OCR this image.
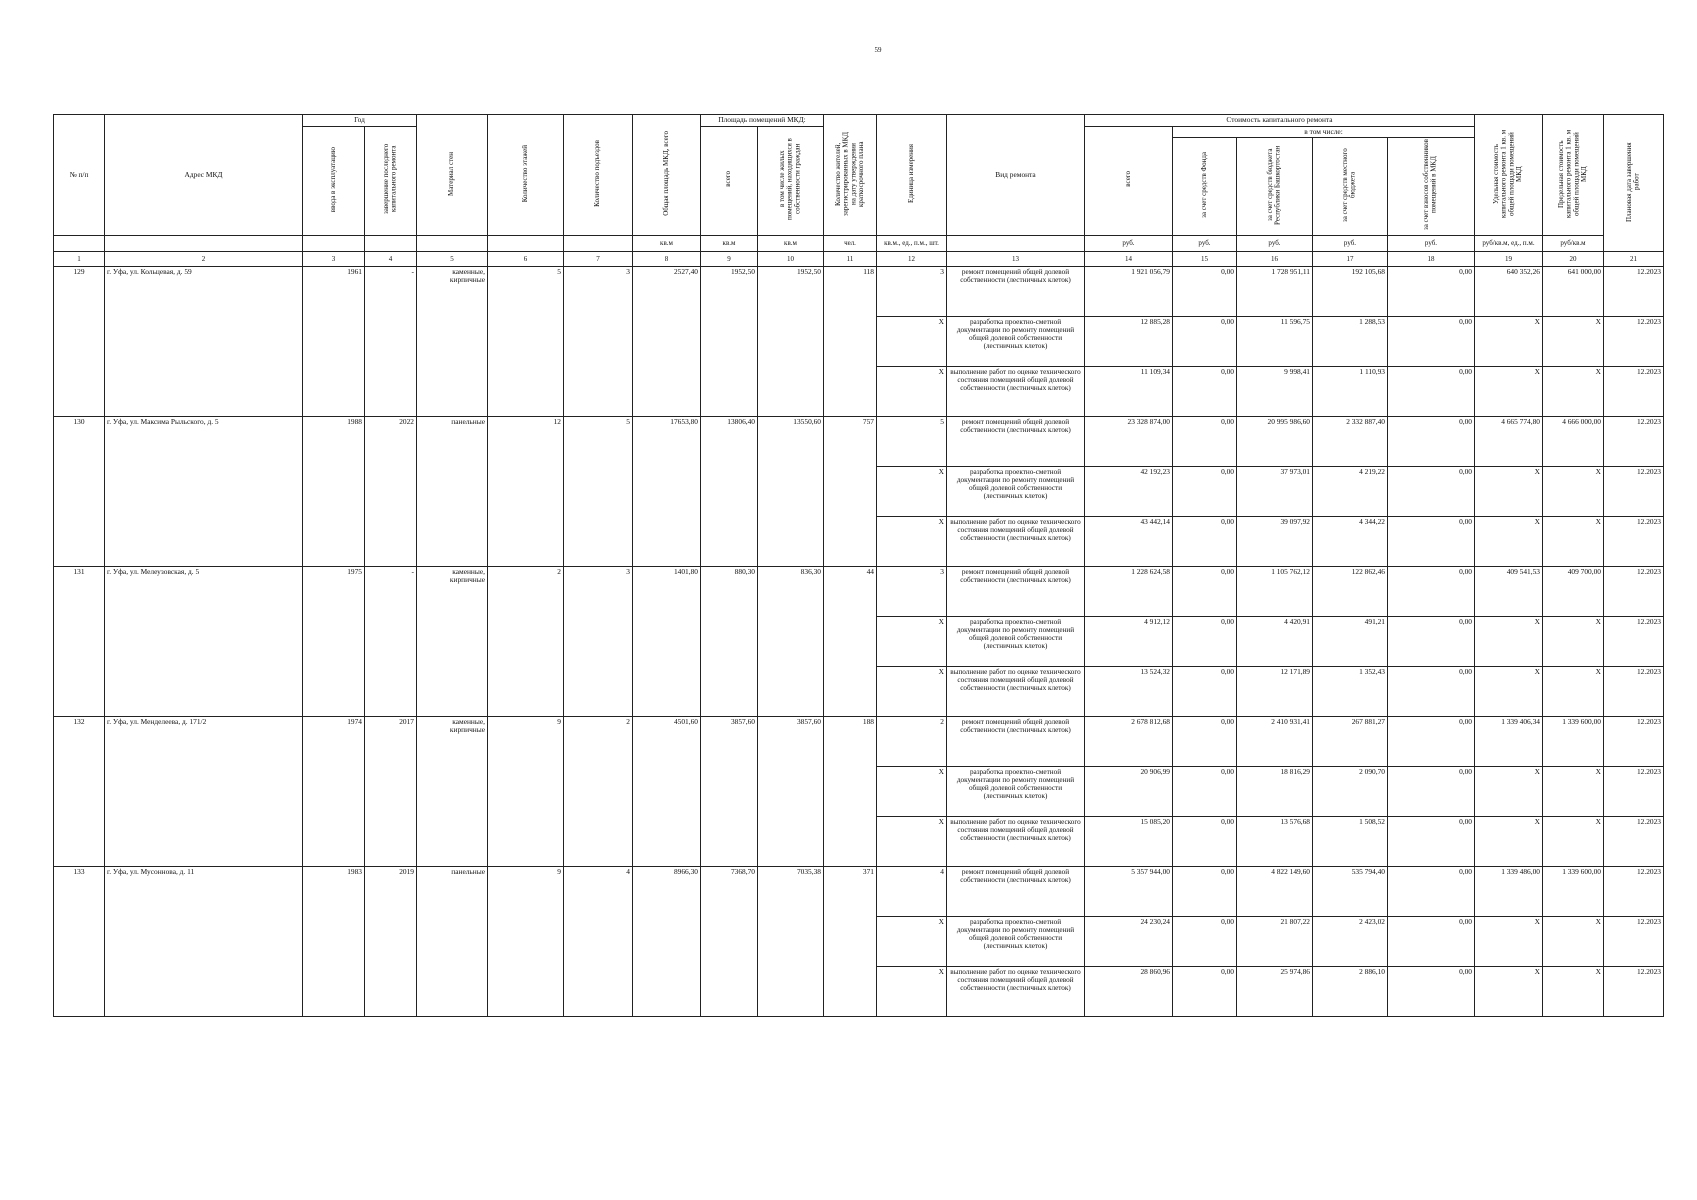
59
№ п/п	Адрес МКД	Год		Материал стен	Количество этажей	Количество подъездов	Общая площадь МКД, всего	Площадь помещений МКД:		Количество жителей, зарегистрированных в МКД на дату утверждения краткосрочного плана	Единица измерения	Вид ремонта	Стоимость капитального ремонта					Удельная стоимость капитального ремонта 1 кв. м общей площади помещений МКД	Предельная стоимость капитального ремонта 1 кв. м общей площади помещений МКД	Плановая дата завершения работ
		ввода в эксплуатацию	завершение последнего капитального ремонта					всего	в том числе жилых помещений, находящихся в собственности граждан				всего	в том числе:						
														за счет средств Фонда	за счет средств бюджета Республики Башкортостан	за счет средств местного бюджета	за счет взносов собственников помещений в МКД			
							кв.м	кв.м	кв.м	чел.	кв.м., ед., п.м., шт.		руб.	руб.	руб.	руб.	руб.	руб/кв.м, ед., п.м.	руб/кв.м	
1	2	3	4	5	6	7	8	9	10	11	12	13	14	15	16	17	18	19	20	21
129	г. Уфа, ул. Кольцевая, д. 59	1961	-	каменные, кирпичные	5	3	2527,40	1952,50	1952,50	118	3	ремонт помещений общей долевой собственности (лестничных клеток)	1 921 056,79	0,00	1 728 951,11	192 105,68	0,00	640 352,26	641 000,00	12.2023
											X	разработка проектно-сметной документации по ремонту помещений общей долевой собственности (лестничных клеток)	12 885,28	0,00	11 596,75	1 288,53	0,00	X	X	12.2023
											X	выполнение работ по оценке технического состояния помещений общей долевой собственности (лестничных клеток)	11 109,34	0,00	9 998,41	1 110,93	0,00	X	X	12.2023
130	г. Уфа, ул. Максима Рыльского, д. 5	1988	2022	панельные	12	5	17653,80	13806,40	13550,60	757	5	ремонт помещений общей долевой собственности (лестничных клеток)	23 328 874,00	0,00	20 995 986,60	2 332 887,40	0,00	4 665 774,80	4 666 000,00	12.2023
											X	разработка проектно-сметной документации по ремонту помещений общей долевой собственности (лестничных клеток)	42 192,23	0,00	37 973,01	4 219,22	0,00	X	X	12.2023
											X	выполнение работ по оценке технического состояния помещений общей долевой собственности (лестничных клеток)	43 442,14	0,00	39 097,92	4 344,22	0,00	X	X	12.2023
131	г. Уфа, ул. Мелеузовская, д. 5	1975	-	каменные, кирпичные	2	3	1401,80	880,30	836,30	44	3	ремонт помещений общей долевой собственности (лестничных клеток)	1 228 624,58	0,00	1 105 762,12	122 862,46	0,00	409 541,53	409 700,00	12.2023
											X	разработка проектно-сметной документации по ремонту помещений общей долевой собственности (лестничных клеток)	4 912,12	0,00	4 420,91	491,21	0,00	X	X	12.2023
											X	выполнение работ по оценке технического состояния помещений общей долевой собственности (лестничных клеток)	13 524,32	0,00	12 171,89	1 352,43	0,00	X	X	12.2023
132	г. Уфа, ул. Менделеева, д. 171/2	1974	2017	каменные, кирпичные	9	2	4501,60	3857,60	3857,60	188	2	ремонт помещений общей долевой собственности (лестничных клеток)	2 678 812,68	0,00	2 410 931,41	267 881,27	0,00	1 339 406,34	1 339 600,00	12.2023
											X	разработка проектно-сметной документации по ремонту помещений общей долевой собственности (лестничных клеток)	20 906,99	0,00	18 816,29	2 090,70	0,00	X	X	12.2023
											X	выполнение работ по оценке технического состояния помещений общей долевой собственности (лестничных клеток)	15 085,20	0,00	13 576,68	1 508,52	0,00	X	X	12.2023
133	г. Уфа, ул. Мусоннова, д. 11	1983	2019	панельные	9	4	8966,30	7368,70	7035,38	371	4	ремонт помещений общей долевой собственности (лестничных клеток)	5 357 944,00	0,00	4 822 149,60	535 794,40	0,00	1 339 486,00	1 339 600,00	12.2023
											X	разработка проектно-сметной документации по ремонту помещений общей долевой собственности (лестничных клеток)	24 230,24	0,00	21 807,22	2 423,02	0,00	X	X	12.2023
											X	выполнение работ по оценке технического состояния помещений общей долевой собственности (лестничных клеток)	28 860,96	0,00	25 974,86	2 886,10	0,00	X	X	12.2023
